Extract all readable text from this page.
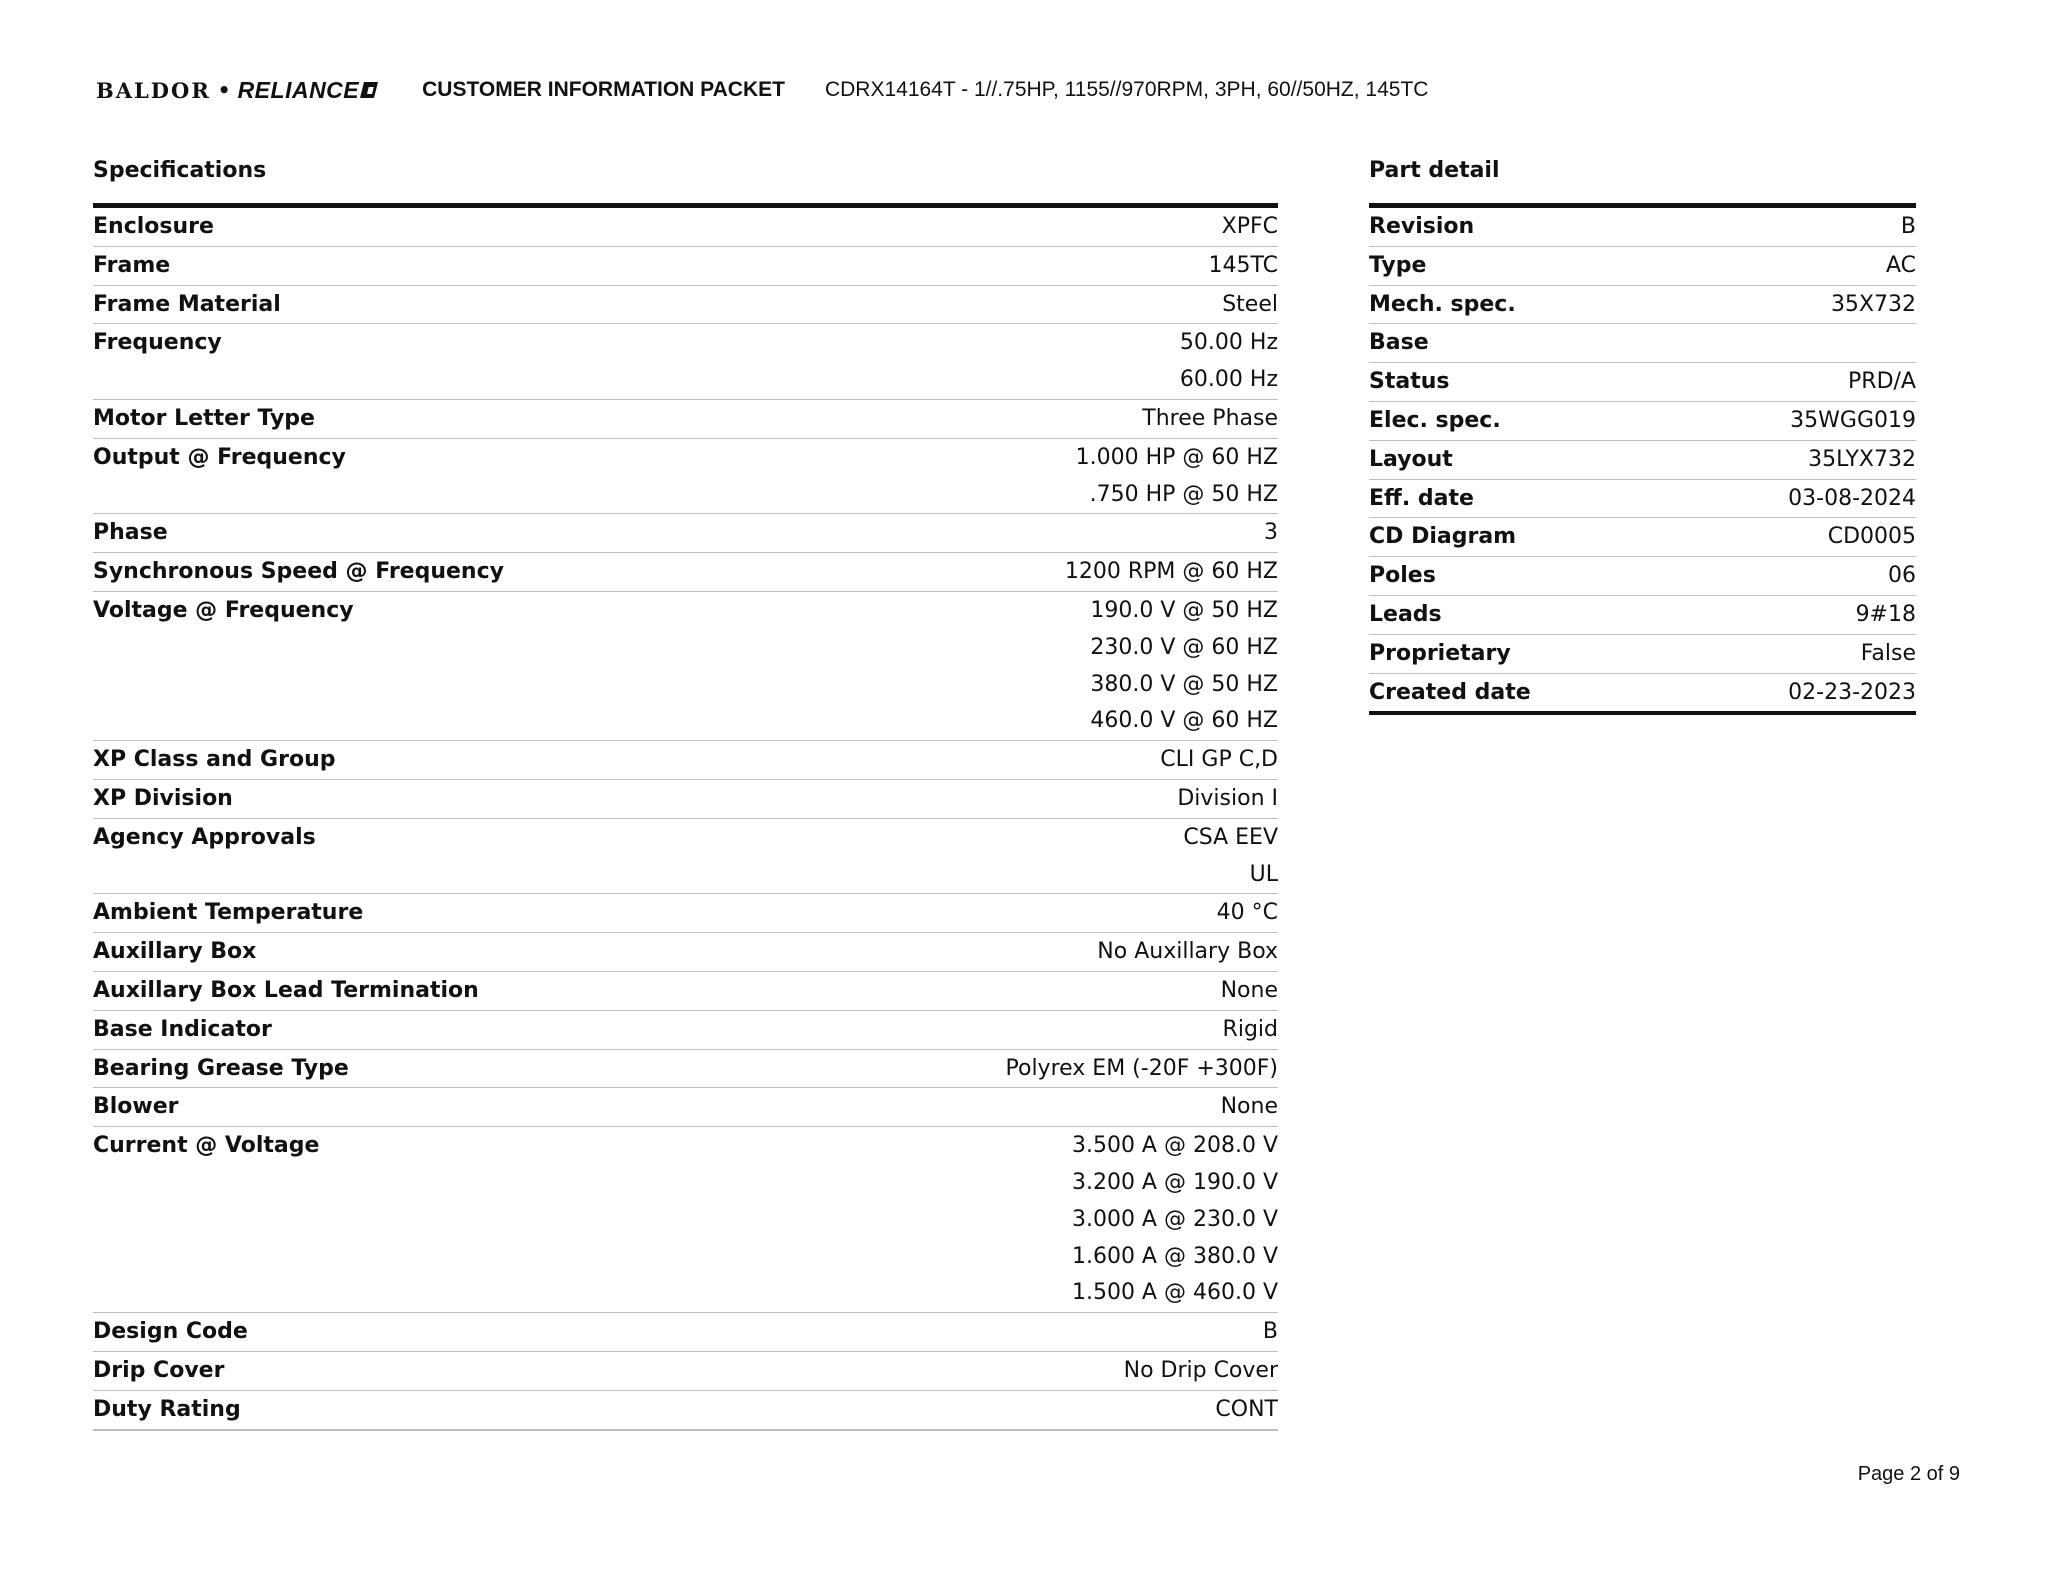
BALDOR • RELIANCE	CUSTOMER INFORMATION PACKET CDRX14164T - 1//.75HP, 1155//970RPM, 3PH, 60//50HZ, 145TC
Specifications
Enclosure	XPFC
Frame	145TC
Frame Material	Steel
Frequency	50.00 Hz
60.00 Hz
Motor Letter Type	Three Phase
Output @ Frequency	1.000 HP @ 60 HZ
.750 HP @ 50 HZ
Phase	3
Synchronous Speed @ Frequency	1200 RPM @ 60 HZ
Voltage @ Frequency	190.0 V @ 50 HZ
230.0 V @ 60 HZ
380.0 V @ 50 HZ
460.0 V @ 60 HZ
XP Class and Group	CLI GP C,D
XP Division	Division I
Agency Approvals	CSA EEV
UL
Ambient Temperature	40 °C
Auxillary Box	No Auxillary Box
Auxillary Box Lead Termination	None
Base Indicator	Rigid
Bearing Grease Type	Polyrex EM (-20F +300F)
Blower	None
Current @ Voltage	3.500 A @ 208.0 V
3.200 A @ 190.0 V
3.000 A @ 230.0 V
1.600 A @ 380.0 V
1.500 A @ 460.0 V
Design Code	B
Drip Cover	No Drip Cover
Duty Rating	CONT
Part detail
Revision	B
Type	AC
Mech. spec.	35X732
Base
Status	PRD/A
Elec. spec.	35WGG019
Layout	35LYX732
Eff. date	03-08-2024
CD Diagram	CD0005
Poles	06
Leads	9#18
Proprietary	False
Created date	02-23-2023
Page 2 of 9
